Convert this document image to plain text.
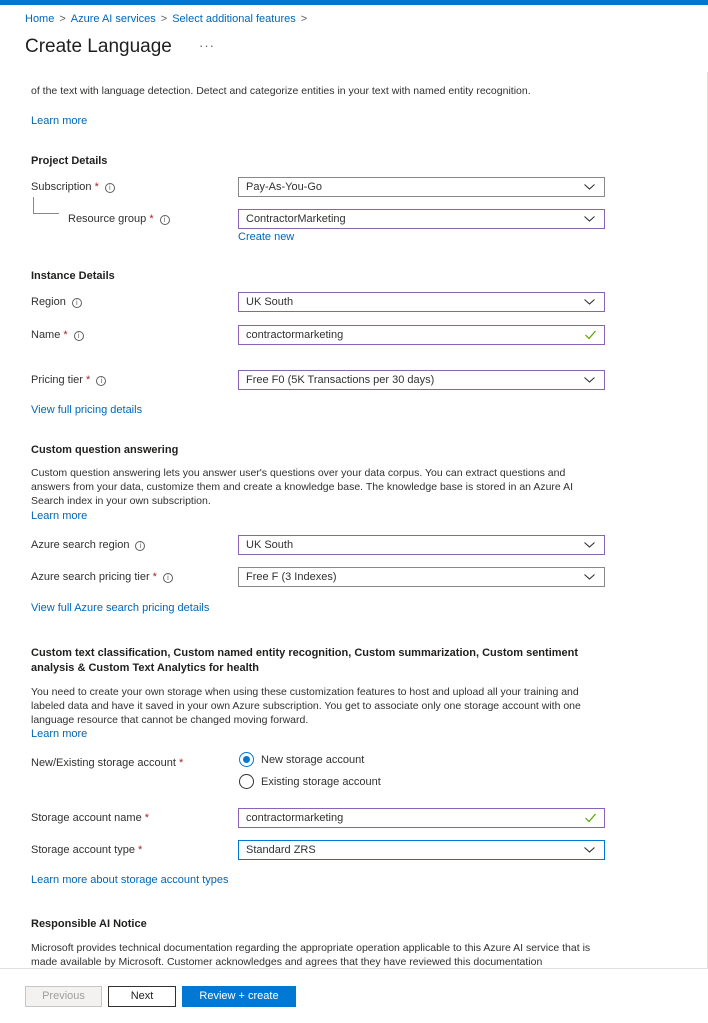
Home > Azure AI services > Select additional features >
Create Language ···
of the text with language detection. Detect and categorize entities in your text with named entity recognition.
Learn more
Project Details
Subscription * i	Pay-As-You-Go
Resource group * i	ContractorMarketing
Create new
Instance Details
Region i	UK South
Name * i	contractormarketing
Pricing tier * i	Free F0 (5K Transactions per 30 days)
View full pricing details
Custom question answering
Custom question answering lets you answer user's questions over your data corpus. You can extract questions and answers from your data, customize them and create a knowledge base. The knowledge base is stored in an Azure AI Search index in your own subscription.
Learn more
Azure search region i	UK South
Azure search pricing tier * i	Free F (3 Indexes)
View full Azure search pricing details
Custom text classification, Custom named entity recognition, Custom summarization, Custom sentiment analysis & Custom Text Analytics for health
You need to create your own storage when using these customization features to host and upload all your training and labeled data and have it saved in your own Azure subscription. You get to associate only one storage account with one language resource that cannot be changed moving forward.
Learn more
New/Existing storage account *	New storage account
Existing storage account
Storage account name *	contractormarketing
Storage account type *	Standard ZRS
Learn more about storage account types
Responsible AI Notice
Microsoft provides technical documentation regarding the appropriate operation applicable to this Azure AI service that is made available by Microsoft. Customer acknowledges and agrees that they have reviewed this documentation
Previous	Next	Review + create
